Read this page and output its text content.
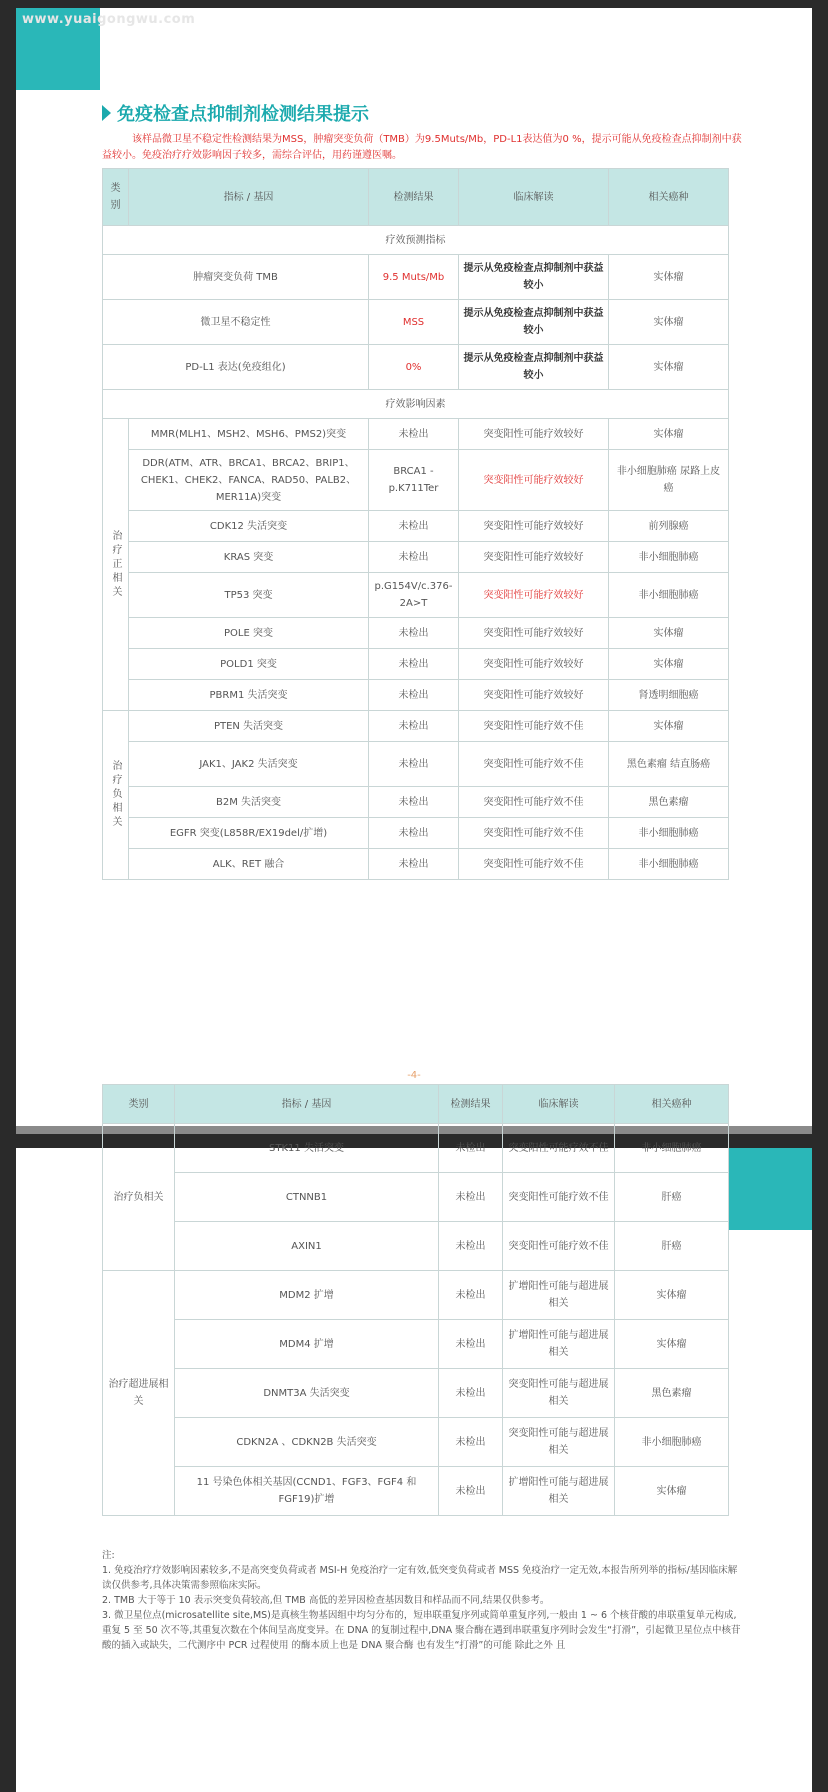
www.yuaigongwu.com
免疫检查点抑制剂检测结果提示
该样品微卫星不稳定性检测结果为MSS，肿瘤突变负荷（TMB）为9.5Muts/Mb，PD-L1表达值为0 %，提示可能从免疫检查点抑制剂中获益较小。免疫治疗疗效影响因子较多，需综合评估，用药谨遵医嘱。
类别	指标 / 基因	检测结果	临床解读	相关癌种
疗效预测指标				
肿瘤突变负荷 TMB		9.5 Muts/Mb	提示从免疫检查点抑制剂中获益较小	实体瘤
微卫星不稳定性		MSS	提示从免疫检查点抑制剂中获益较小	实体瘤
PD-L1 表达(免疫组化)		0%	提示从免疫检查点抑制剂中获益较小	实体瘤
疗效影响因素				
治疗正相关	MMR(MLH1、MSH2、MSH6、PMS2)突变	未检出	突变阳性可能疗效较好	实体瘤
	DDR(ATM、ATR、BRCA1、BRCA2、BRIP1、CHEK1、CHEK2、FANCA、RAD50、PALB2、MER11A)突变	BRCA1 -p.K711Ter	突变阳性可能疗效较好	非小细胞肺癌 尿路上皮癌
	CDK12 失活突变	未检出	突变阳性可能疗效较好	前列腺癌
	KRAS 突变	未检出	突变阳性可能疗效较好	非小细胞肺癌
	TP53 突变	p.G154V/c.376-2A>T	突变阳性可能疗效较好	非小细胞肺癌
	POLE 突变	未检出	突变阳性可能疗效较好	实体瘤
	POLD1 突变	未检出	突变阳性可能疗效较好	实体瘤
	PBRM1 失活突变	未检出	突变阳性可能疗效较好	肾透明细胞癌
治疗负相关	PTEN 失活突变	未检出	突变阳性可能疗效不佳	实体瘤
	JAK1、JAK2 失活突变	未检出	突变阳性可能疗效不佳	黑色素瘤 结直肠癌
	B2M 失活突变	未检出	突变阳性可能疗效不佳	黑色素瘤
	EGFR 突变(L858R/EX19del/扩增)	未检出	突变阳性可能疗效不佳	非小细胞肺癌
	ALK、RET 融合	未检出	突变阳性可能疗效不佳	非小细胞肺癌
-4-
类别	指标 / 基因	检测结果	临床解读	相关癌种
治疗负相关	STK11 失活突变	未检出	突变阳性可能疗效不佳	非小细胞肺癌
	CTNNB1	未检出	突变阳性可能疗效不佳	肝癌
	AXIN1	未检出	突变阳性可能疗效不佳	肝癌
治疗超进展相关	MDM2 扩增	未检出	扩增阳性可能与超进展相关	实体瘤
	MDM4 扩增	未检出	扩增阳性可能与超进展相关	实体瘤
	DNMT3A 失活突变	未检出	突变阳性可能与超进展相关	黑色素瘤
	CDKN2A 、CDKN2B 失活突变	未检出	突变阳性可能与超进展相关	非小细胞肺癌
	11 号染色体相关基因(CCND1、FGF3、FGF4 和 FGF19)扩增	未检出	扩增阳性可能与超进展相关	实体瘤
注:
1. 免疫治疗疗效影响因素较多,不是高突变负荷或者 MSI-H 免疫治疗一定有效,低突变负荷或者 MSS 免疫治疗一定无效,本报告所列举的指标/基因临床解读仅供参考,具体决策需参照临床实际。
2. TMB 大于等于 10 表示突变负荷较高,但 TMB 高低的差异因检查基因数目和样品而不同,结果仅供参考。
3. 微卫星位点(microsatellite site,MS)是真核生物基因组中均匀分布的，短串联重复序列或简单重复序列,一般由 1 ~ 6 个核苷酸的串联重复单元构成,重复 5 至 50 次不等,其重复次数在个体间呈高度变异。在 DNA 的复制过程中,DNA 聚合酶在遇到串联重复序列时会发生“打滑”，引起微卫星位点中核苷酸的插入或缺失，二代测序中 PCR 过程使用 的酶本质上也是 DNA 聚合酶 也有发生“打滑”的可能 除此之外 且
